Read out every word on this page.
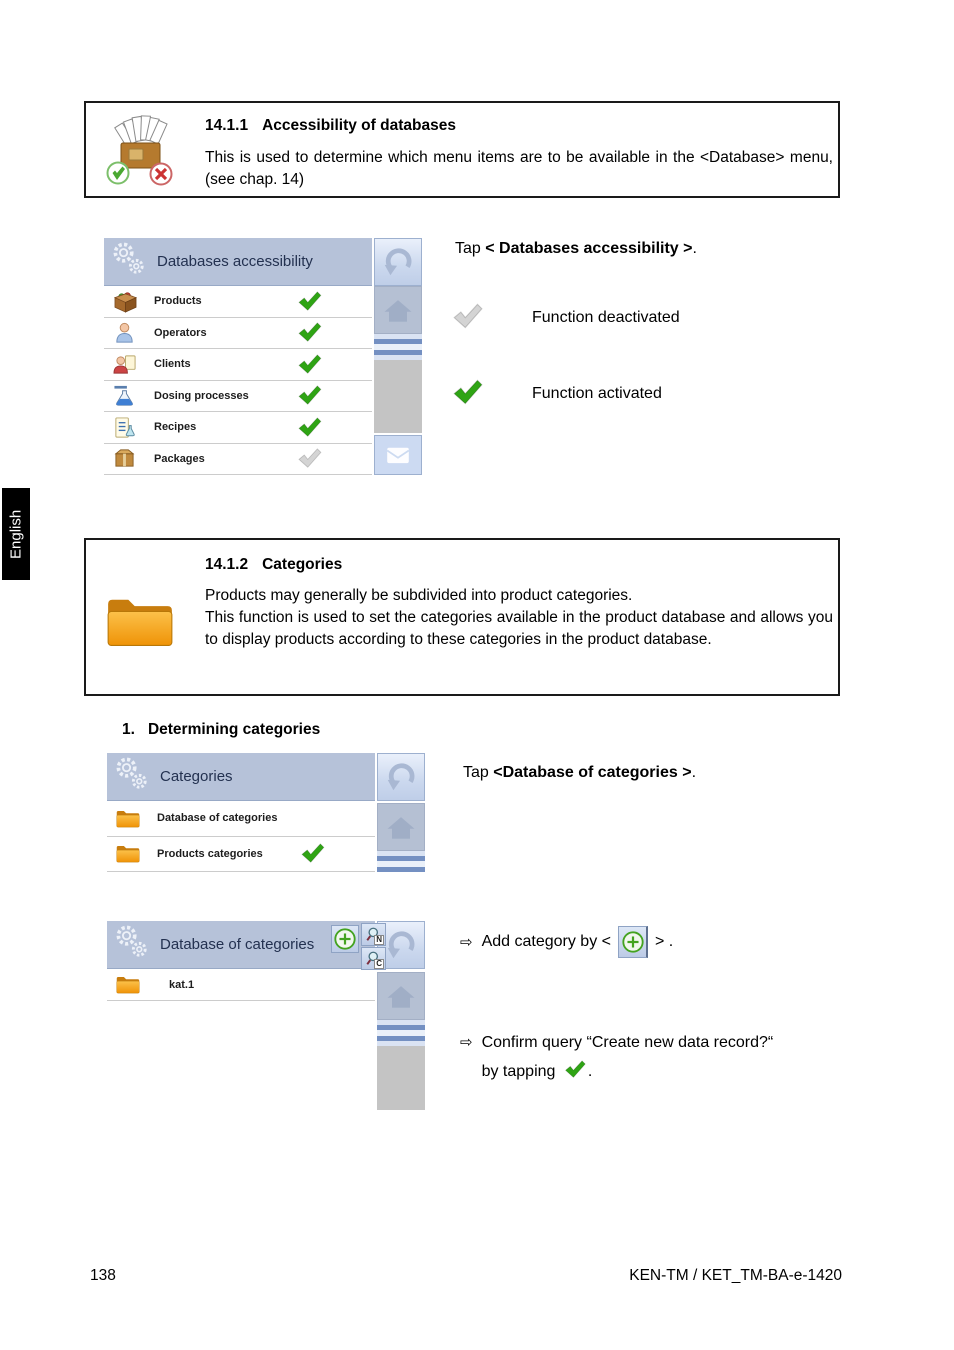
14.1.1 Accessibility of databases
This is used to determine which menu items are to be available in the <Database> menu, (see chap. 14)
Databases accessibility
Products
Operators
Clients
Dosing processes
Recipes
Packages
Tap < Databases accessibility >.
Function deactivated
Function activated
English
14.1.2 Categories
Products may generally be subdivided into product categories.
This function is used to set the categories available in the product database and allows you to display products according to these categories in the product database.
1. Determining categories
Categories
Database of categories
Products categories
Tap <Database of categories >.
Database of categories	N
C
kat.1
⇨ Add category by <	> .
⇨ Confirm query “Create new data record?“ by tapping .
138	KEN-TM / KET_TM-BA-e-1420
